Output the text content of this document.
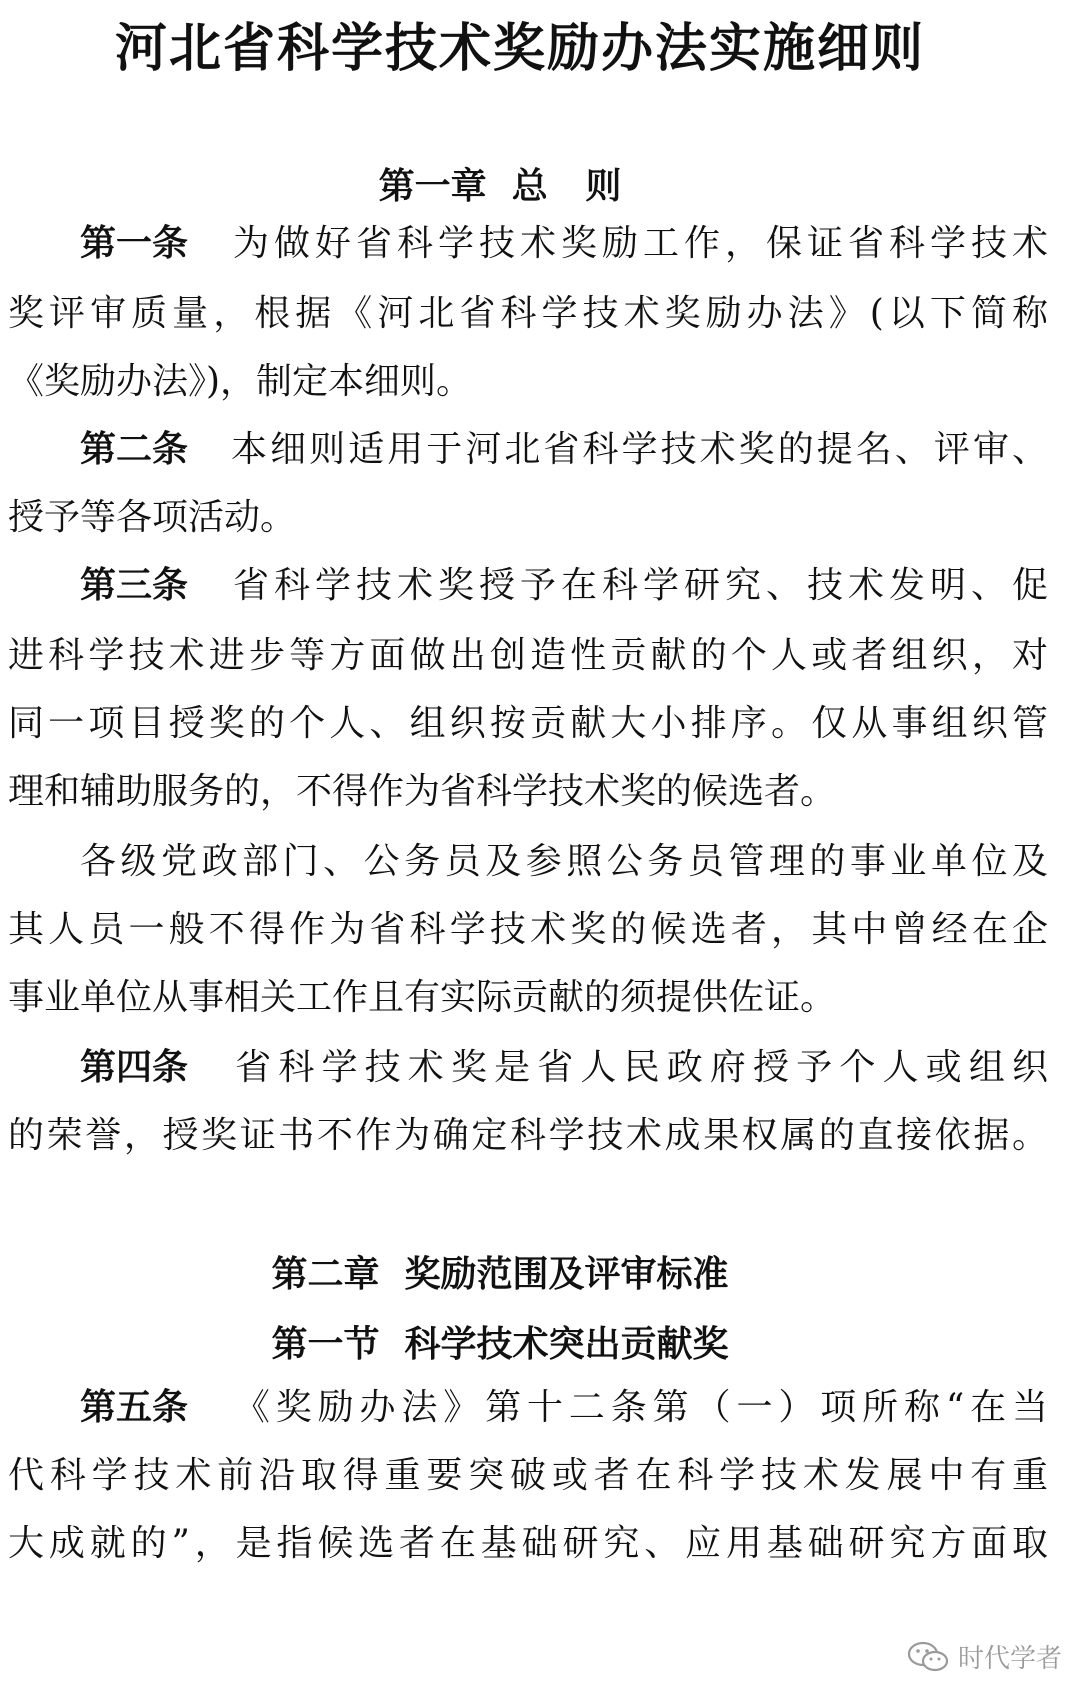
河北省科学技术奖励办法实施细则
第一章  总   则

第一条 为做好省科学技术奖励工作，保证省科学技术

奖评审质量，根据《河北省科学技术奖励办法》(以下简称

《奖励办法》)，制定本细则。

第二条 本细则适用于河北省科学技术奖的提名、评审、

授予等各项活动。

第三条 省科学技术奖授予在科学研究、技术发明、促

进科学技术进步等方面做出创造性贡献的个人或者组织，对

同一项目授奖的个人、组织按贡献大小排序。仅从事组织管

理和辅助服务的，不得作为省科学技术奖的候选者。

各级党政部门、公务员及参照公务员管理的事业单位及

其人员一般不得作为省科学技术奖的候选者，其中曾经在企

事业单位从事相关工作且有实际贡献的须提供佐证。

第四条 省科学技术奖是省人民政府授予个人或组织

的荣誉，授奖证书不作为确定科学技术成果权属的直接依据。

第二章  奖励范围及评审标准
第一节  科学技术突出贡献奖

第五条 《奖励办法》第十二条第（一）项所称“在当

代科学技术前沿取得重要突破或者在科学技术发展中有重

大成就的”，是指候选者在基础研究、应用基础研究方面取

时代学者
